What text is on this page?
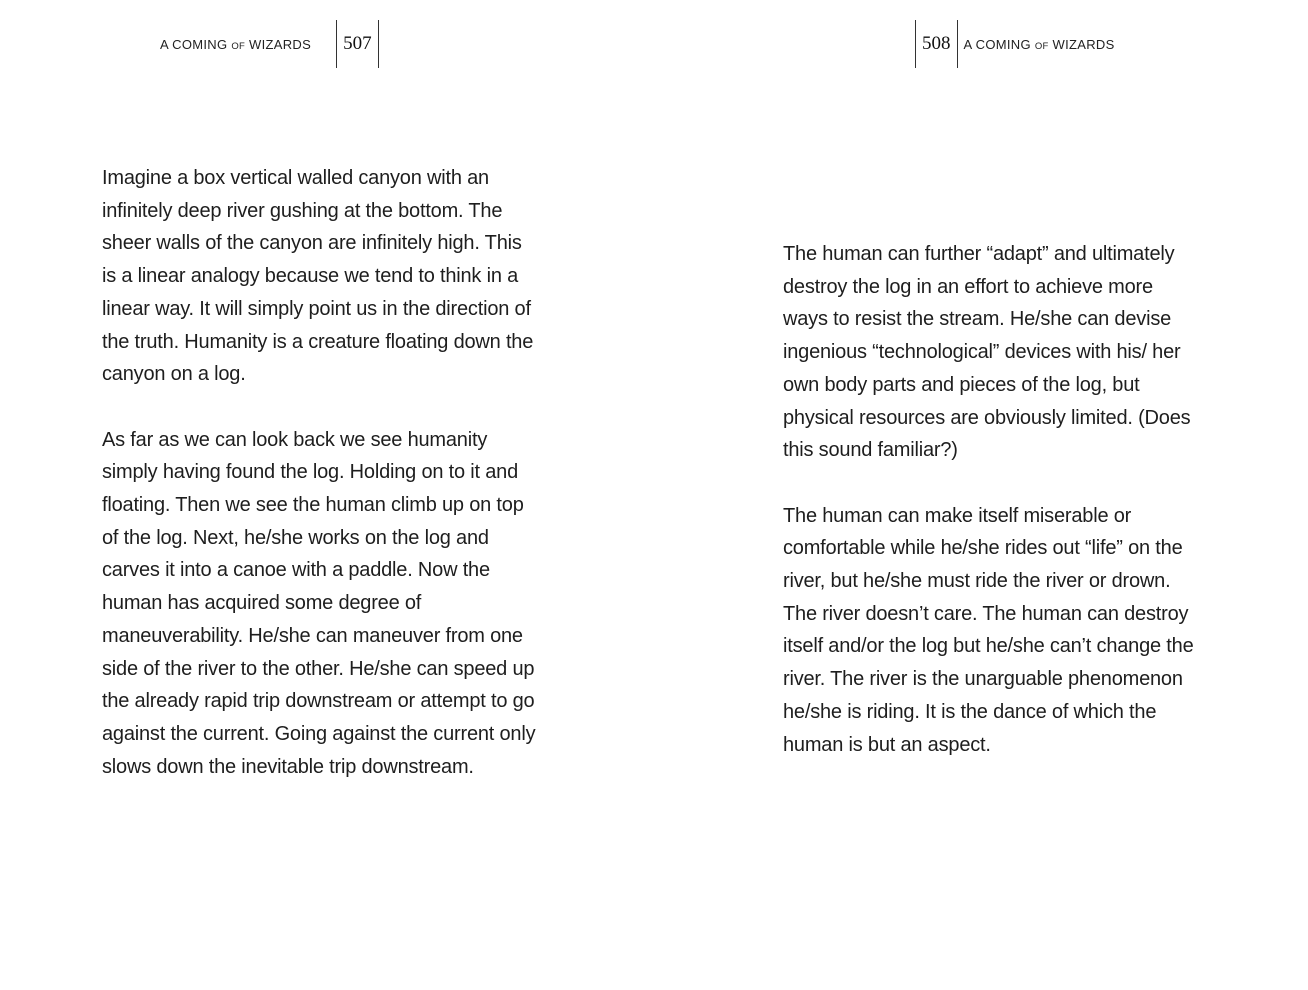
A COMING OF WIZARDS 507

Imagine a box vertical walled canyon with an infinitely deep river gushing at the bottom. The sheer walls of the canyon are infinitely high. This is a linear analogy because we tend to think in a linear way. It will simply point us in the direction of the truth. Humanity is a creature floating down the canyon on a log.

As far as we can look back we see humanity simply having found the log. Holding on to it and floating. Then we see the human climb up on top of the log. Next, he/she works on the log and carves it into a canoe with a paddle. Now the human has acquired some degree of maneuverability. He/she can maneuver from one side of the river to the other. He/she can speed up the already rapid trip downstream or attempt to go against the current. Going against the current only slows down the inevitable trip downstream.

508 A COMING OF WIZARDS

The human can further “adapt” and ultimately destroy the log in an effort to achieve more ways to resist the stream. He/she can devise ingenious “technological” devices with his/ her own body parts and pieces of the log, but physical resources are obviously limited. (Does this sound familiar?)

The human can make itself miserable or comfortable while he/she rides out “life” on the river, but he/she must ride the river or drown. The river doesn’t care. The human can destroy itself and/or the log but he/she can’t change the river. The river is the unarguable phenomenon he/she is riding. It is the dance of which the human is but an aspect.
